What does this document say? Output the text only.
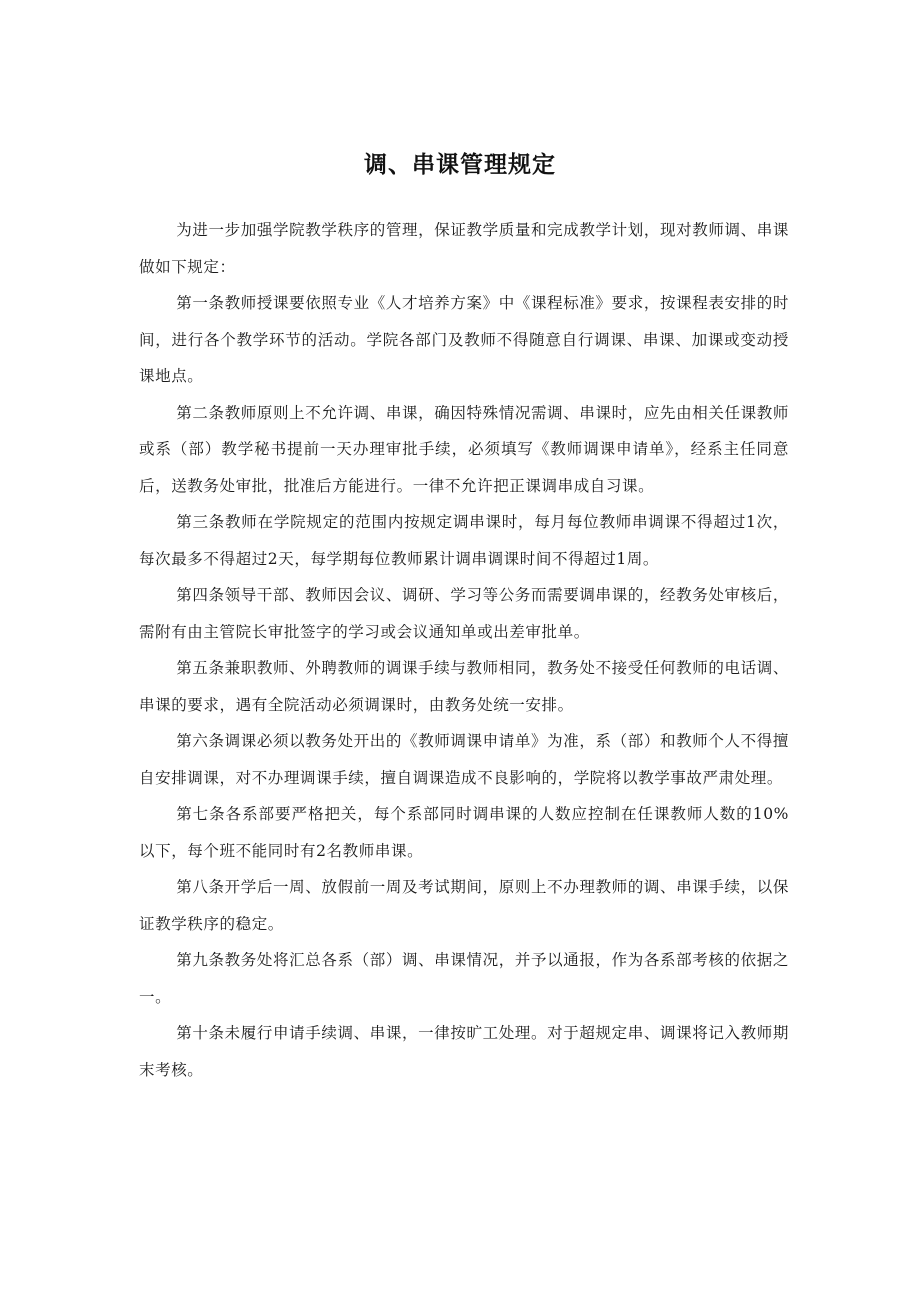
调、串课管理规定

为进一步加强学院教学秩序的管理，保证教学质量和完成教学计划，现对教师调、串课做如下规定：

第一条教师授课要依照专业《人才培养方案》中《课程标准》要求，按课程表安排的时间，进行各个教学环节的活动。学院各部门及教师不得随意自行调课、串课、加课或变动授课地点。

第二条教师原则上不允许调、串课，确因特殊情况需调、串课时，应先由相关任课教师或系（部）教学秘书提前一天办理审批手续，必须填写《教师调课申请单》，经系主任同意后，送教务处审批，批准后方能进行。一律不允许把正课调串成自习课。

第三条教师在学院规定的范围内按规定调串课时，每月每位教师串调课不得超过1次，每次最多不得超过2天，每学期每位教师累计调串调课时间不得超过1周。

第四条领导干部、教师因会议、调研、学习等公务而需要调串课的，经教务处审核后，需附有由主管院长审批签字的学习或会议通知单或出差审批单。

第五条兼职教师、外聘教师的调课手续与教师相同，教务处不接受任何教师的电话调、串课的要求，遇有全院活动必须调课时，由教务处统一安排。

第六条调课必须以教务处开出的《教师调课申请单》为准，系（部）和教师个人不得擅自安排调课，对不办理调课手续，擅自调课造成不良影响的，学院将以教学事故严肃处理。

第七条各系部要严格把关，每个系部同时调串课的人数应控制在任课教师人数的10%以下，每个班不能同时有2名教师串课。

第八条开学后一周、放假前一周及考试期间，原则上不办理教师的调、串课手续，以保证教学秩序的稳定。

第九条教务处将汇总各系（部）调、串课情况，并予以通报，作为各系部考核的依据之一。

第十条未履行申请手续调、串课，一律按旷工处理。对于超规定串、调课将记入教师期末考核。
